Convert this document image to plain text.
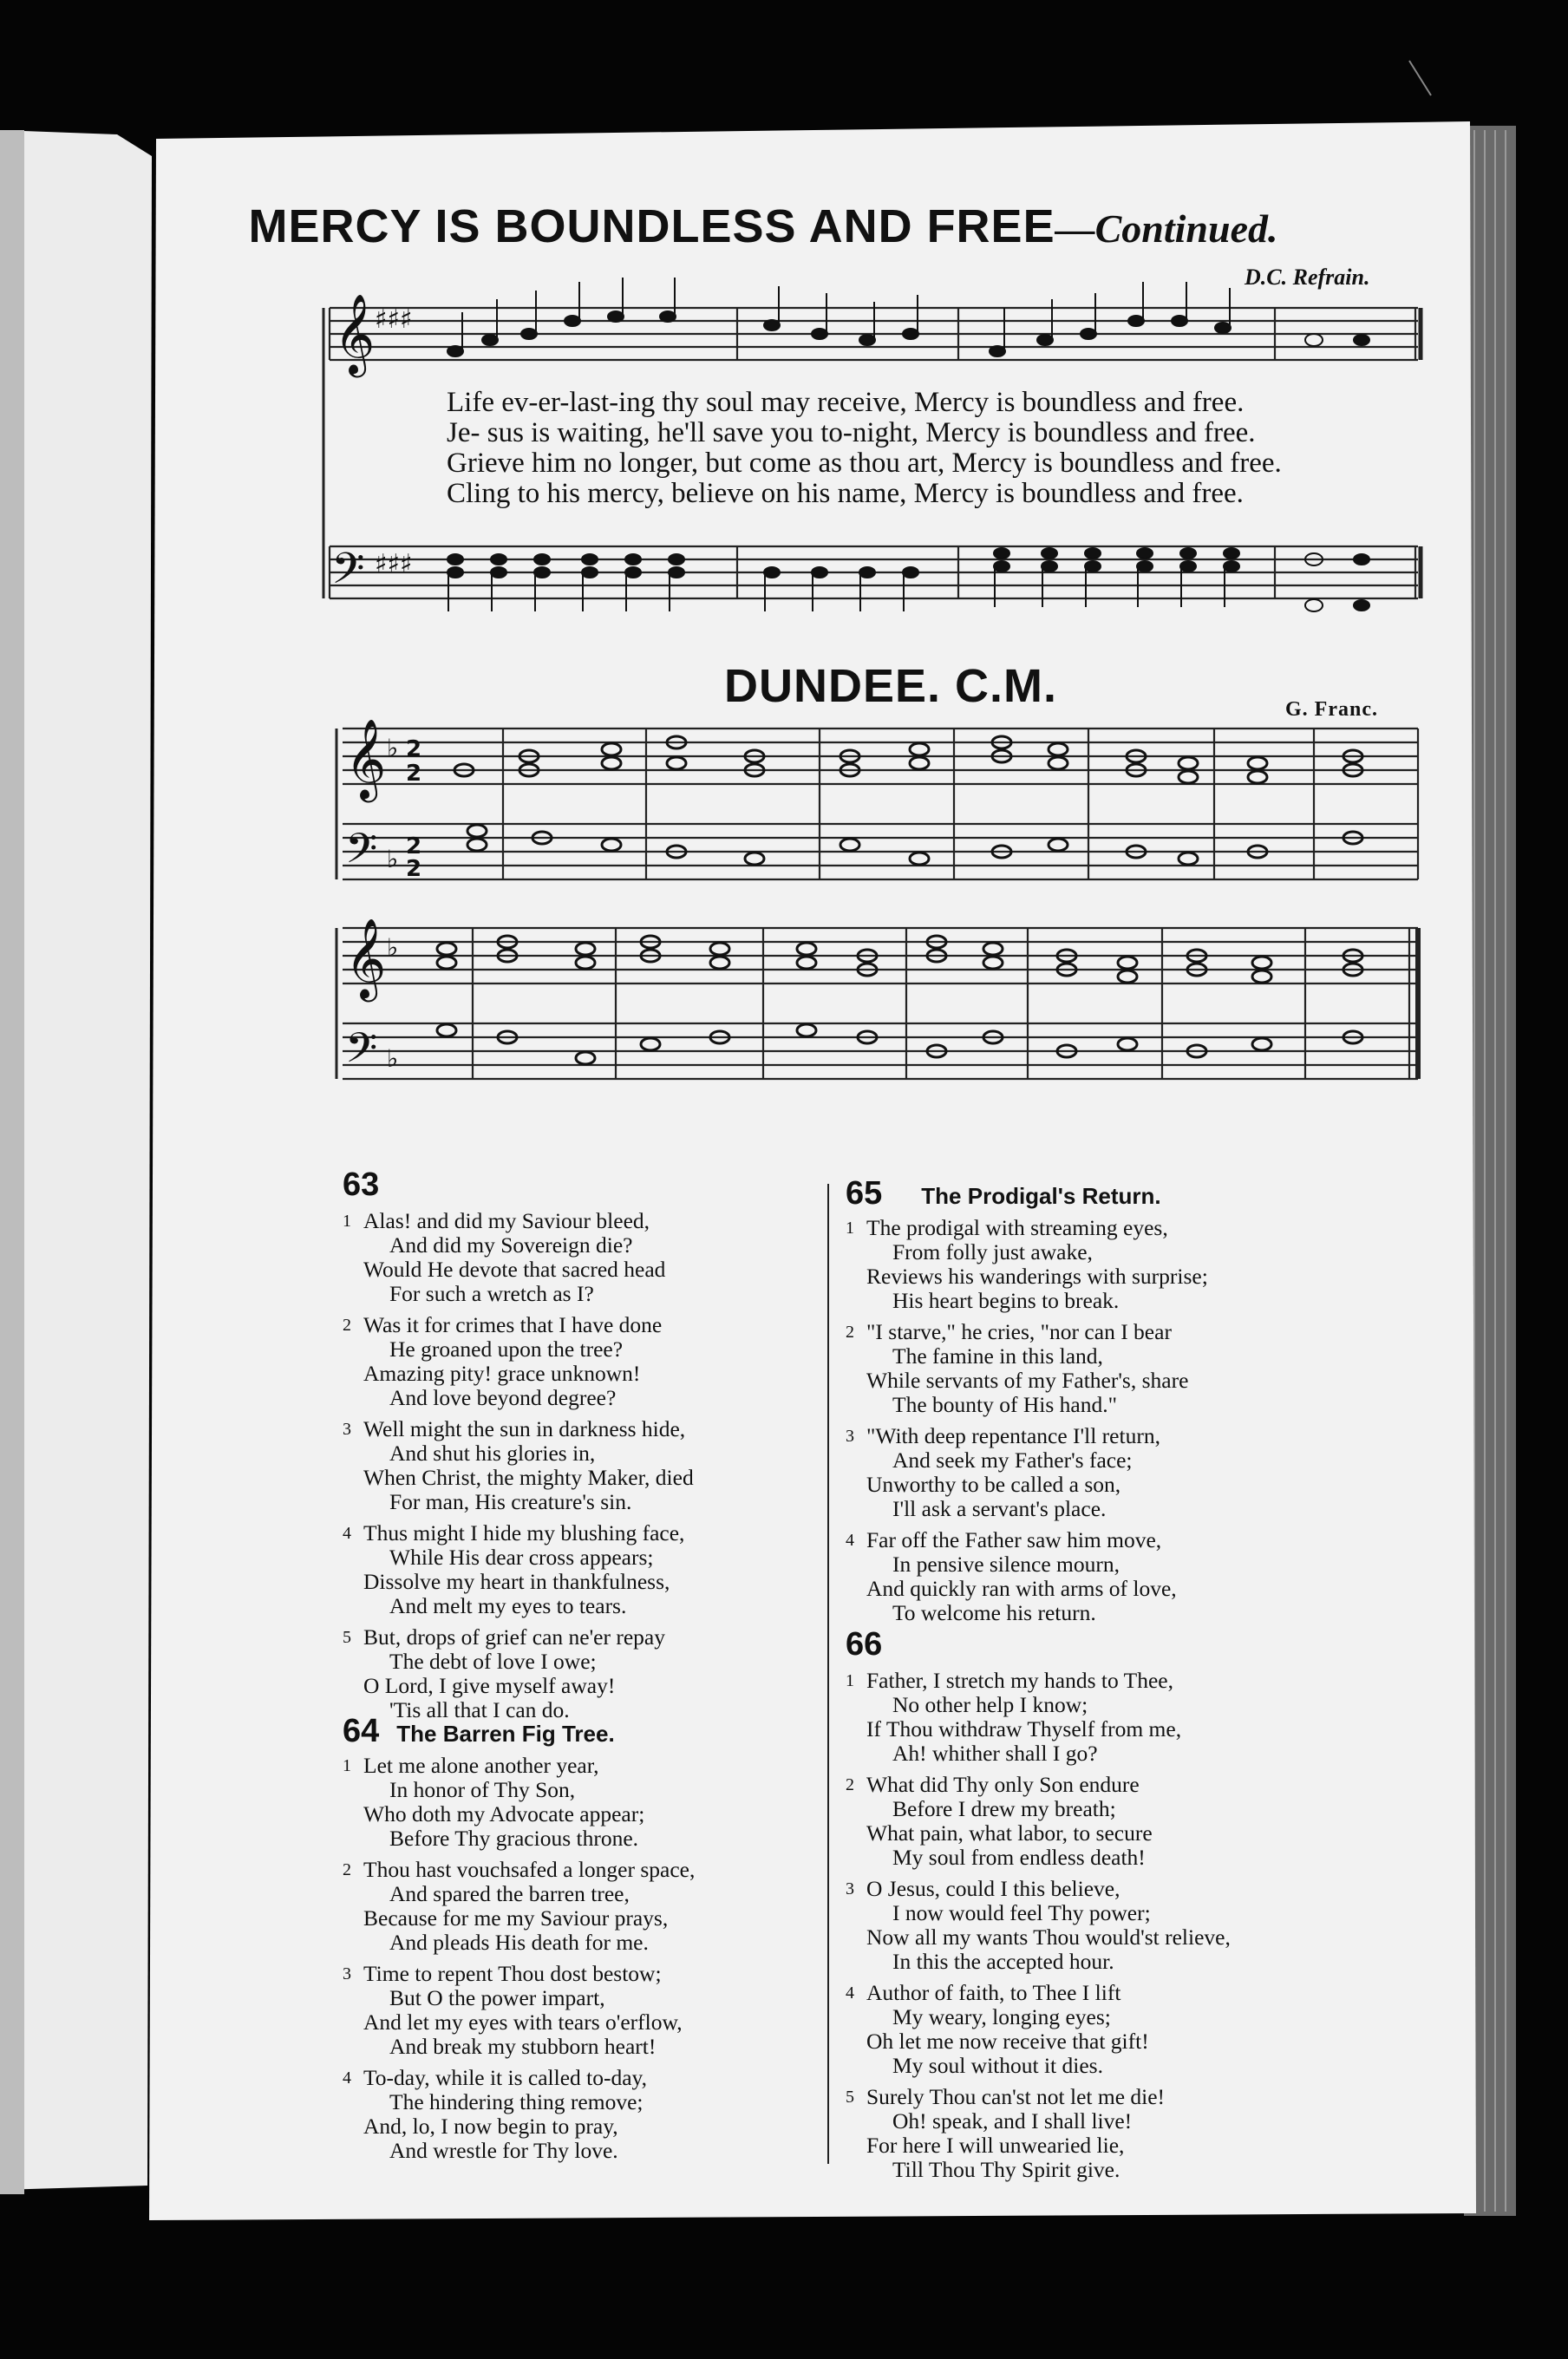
MERCY IS BOUNDLESS AND FREE—Continued.
D.C. Refrain.
𝄞 ♯♯♯
Life ev-er-last-ing thy soul may receive, Mercy is boundless and free.
Je- sus is waiting, he'll save you to-night, Mercy is boundless and free.
Grieve him no longer, but come as thou art, Mercy is boundless and free.
Cling to his mercy, believe on his name, Mercy is boundless and free.
𝄢 ♯♯♯
DUNDEE. C.M.	G. Franc.
𝄞 ♭ 2
2
𝄢 ♭ 2
2
𝄞 ♭
𝄢 ♭
63
1 Alas! and did my Saviour bleed,
And did my Sovereign die?
Would He devote that sacred head
For such a wretch as I?
2 Was it for crimes that I have done
He groaned upon the tree?
Amazing pity! grace unknown!
And love beyond degree?
3 Well might the sun in darkness hide,
And shut his glories in,
When Christ, the mighty Maker, died
For man, His creature's sin.
4 Thus might I hide my blushing face,
While His dear cross appears;
Dissolve my heart in thankfulness,
And melt my eyes to tears.
5 But, drops of grief can ne'er repay
The debt of love I owe;
O Lord, I give myself away!
'Tis all that I can do.
64 The Barren Fig Tree.
1 Let me alone another year,
In honor of Thy Son,
Who doth my Advocate appear;
Before Thy gracious throne.
2 Thou hast vouchsafed a longer space,
And spared the barren tree,
Because for me my Saviour prays,
And pleads His death for me.
3 Time to repent Thou dost bestow;
But O the power impart,
And let my eyes with tears o'erflow,
And break my stubborn heart!
4 To-day, while it is called to-day,
The hindering thing remove;
And, lo, I now begin to pray,
And wrestle for Thy love.
65 The Prodigal's Return.
1 The prodigal with streaming eyes,
From folly just awake,
Reviews his wanderings with surprise;
His heart begins to break.
2 "I starve," he cries, "nor can I bear
The famine in this land,
While servants of my Father's, share
The bounty of His hand."
3 "With deep repentance I'll return,
And seek my Father's face;
Unworthy to be called a son,
I'll ask a servant's place.
4 Far off the Father saw him move,
In pensive silence mourn,
And quickly ran with arms of love,
To welcome his return.
66
1 Father, I stretch my hands to Thee,
No other help I know;
If Thou withdraw Thyself from me,
Ah! whither shall I go?
2 What did Thy only Son endure
Before I drew my breath;
What pain, what labor, to secure
My soul from endless death!
3 O Jesus, could I this believe,
I now would feel Thy power;
Now all my wants Thou would'st relieve,
In this the accepted hour.
4 Author of faith, to Thee I lift
My weary, longing eyes;
Oh let me now receive that gift!
My soul without it dies.
5 Surely Thou can'st not let me die!
Oh! speak, and I shall live!
For here I will unwearied lie,
Till Thou Thy Spirit give.
